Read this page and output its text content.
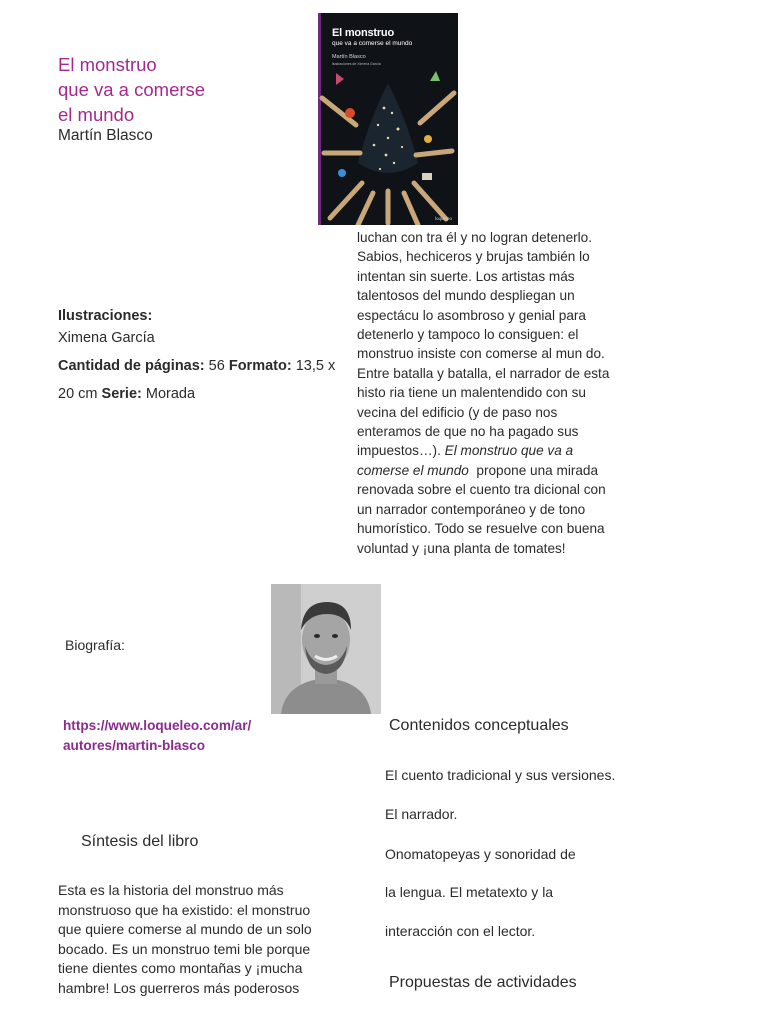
El monstruo
que va a comerse
el mundo
Martín Blasco
El monstruo
que va a comerse el mundo
Martín Blasco
ilustraciones de Ximena García
loqueleo
Ilustraciones:
Ximena García
Cantidad de páginas: 56 Formato: 13,5 x
20 cm Serie: Morada
luchan con tra él y no logran detenerlo.
Sabios, hechiceros y brujas también lo
intentan sin suerte. Los artistas más
talentosos del mundo despliegan un
espectácu lo asombroso y genial para
detenerlo y tampoco lo consiguen: el
monstruo insiste con comerse al mun do.
Entre batalla y batalla, el narrador de esta
histo ria tiene un malentendido con su
vecina del edificio (y de paso nos
enteramos de que no ha pagado sus
impuestos…). El monstruo que va a
comerse el mundo  propone una mirada
renovada sobre el cuento tra dicional con
un narrador contemporáneo y de tono
humorístico. Todo se resuelve con buena
voluntad y ¡una planta de tomates!
Biografía:
https://www.loqueleo.com/ar/
autores/martin-blasco
Contenidos conceptuales
El cuento tradicional y sus versiones.
El narrador.
Onomatopeyas y sonoridad de
la lengua. El metatexto y la
interacción con el lector.
Síntesis del libro
Esta es la historia del monstruo más
monstruoso que ha existido: el monstruo
que quiere comerse al mundo de un solo
bocado. Es un monstruo temi ble porque
tiene dientes como montañas y ¡mucha
hambre! Los guerreros más poderosos	Propuestas de actividades
